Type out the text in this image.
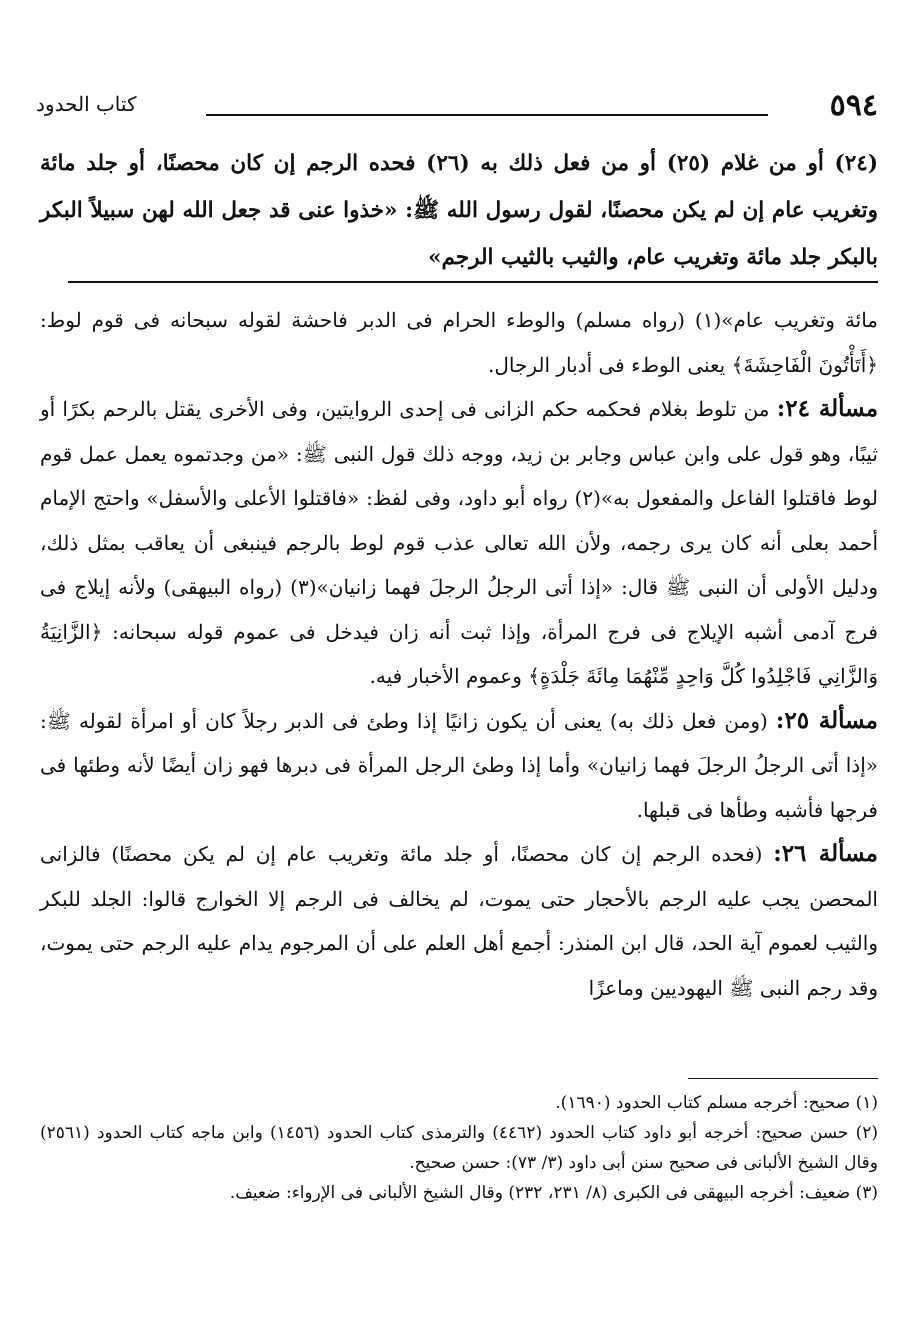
٥٩٤
كتاب الحدود
(٢٤) أو من غلام (٢٥) أو من فعل ذلك به (٢٦) فحده الرجم إن كان محصنًا، أو جلد مائة وتغريب عام إن لم يكن محصنًا، لقول رسول الله ﷺ: «خذوا عنى قد جعل الله لهن سبيلاً البكر بالبكر جلد مائة وتغريب عام، والثيب بالثيب الرجم»

مائة وتغريب عام»(١) (رواه مسلم) والوطء الحرام فى الدبر فاحشة لقوله سبحانه فى قوم لوط: ﴿أَتَأْتُونَ الْفَاحِشَةَ﴾ يعنى الوطء فى أدبار الرجال.

مسألة ٢٤: من تلوط بغلام فحكمه حكم الزانى فى إحدى الروايتين، وفى الأخرى يقتل بالرحم بكرًا أو ثيبًا، وهو قول على وابن عباس وجابر بن زيد، ووجه ذلك قول النبى ﷺ: «من وجدتموه يعمل عمل قوم لوط فاقتلوا الفاعل والمفعول به»(٢) رواه أبو داود، وفى لفظ: «فاقتلوا الأعلى والأسفل» واحتج الإمام أحمد بعلى أنه كان يرى رجمه، ولأن الله تعالى عذب قوم لوط بالرجم فينبغى أن يعاقب بمثل ذلك، ودليل الأولى أن النبى ﷺ قال: «إذا أتى الرجلُ الرجلَ فهما زانيان»(٣) (رواه البيهقى) ولأنه إيلاج فى فرج آدمى أشبه الإيلاج فى فرج المرأة، وإذا ثبت أنه زان فيدخل فى عموم قوله سبحانه: ﴿الزَّانِيَةُ وَالزَّانِي فَاجْلِدُوا كُلَّ وَاحِدٍ مِّنْهُمَا مِائَةَ جَلْدَةٍ﴾ وعموم الأخبار فيه.

مسألة ٢٥: (ومن فعل ذلك به) يعنى أن يكون زانيًا إذا وطئ فى الدبر رجلاً كان أو امرأة لقوله ﷺ: «إذا أتى الرجلُ الرجلَ فهما زانيان» وأما إذا وطئ الرجل المرأة فى دبرها فهو زان أيضًا لأنه وطئها فى فرجها فأشبه وطأها فى قبلها.

مسألة ٢٦: (فحده الرجم إن كان محصنًا، أو جلد مائة وتغريب عام إن لم يكن محصنًا) فالزانى المحصن يجب عليه الرجم بالأحجار حتى يموت، لم يخالف فى الرجم إلا الخوارج قالوا: الجلد للبكر والثيب لعموم آية الحد، قال ابن المنذر: أجمع أهل العلم على أن المرجوم يدام عليه الرجم حتى يموت، وقد رجم النبى ﷺ اليهوديين وماعزًا

(١) صحيح: أخرجه مسلم كتاب الحدود (١٦٩٠).

(٢) حسن صحيح: أخرجه أبو داود كتاب الحدود (٤٤٦٢) والترمذى كتاب الحدود (١٤٥٦) وابن ماجه كتاب الحدود (٢٥٦١) وقال الشيخ الألبانى فى صحيح سنن أبى داود (٣/ ٧٣): حسن صحيح.

(٣) ضعيف: أخرجه البيهقى فى الكبرى (٨/ ٢٣١، ٢٣٢) وقال الشيخ الألبانى فى الإرواء: ضعيف.
